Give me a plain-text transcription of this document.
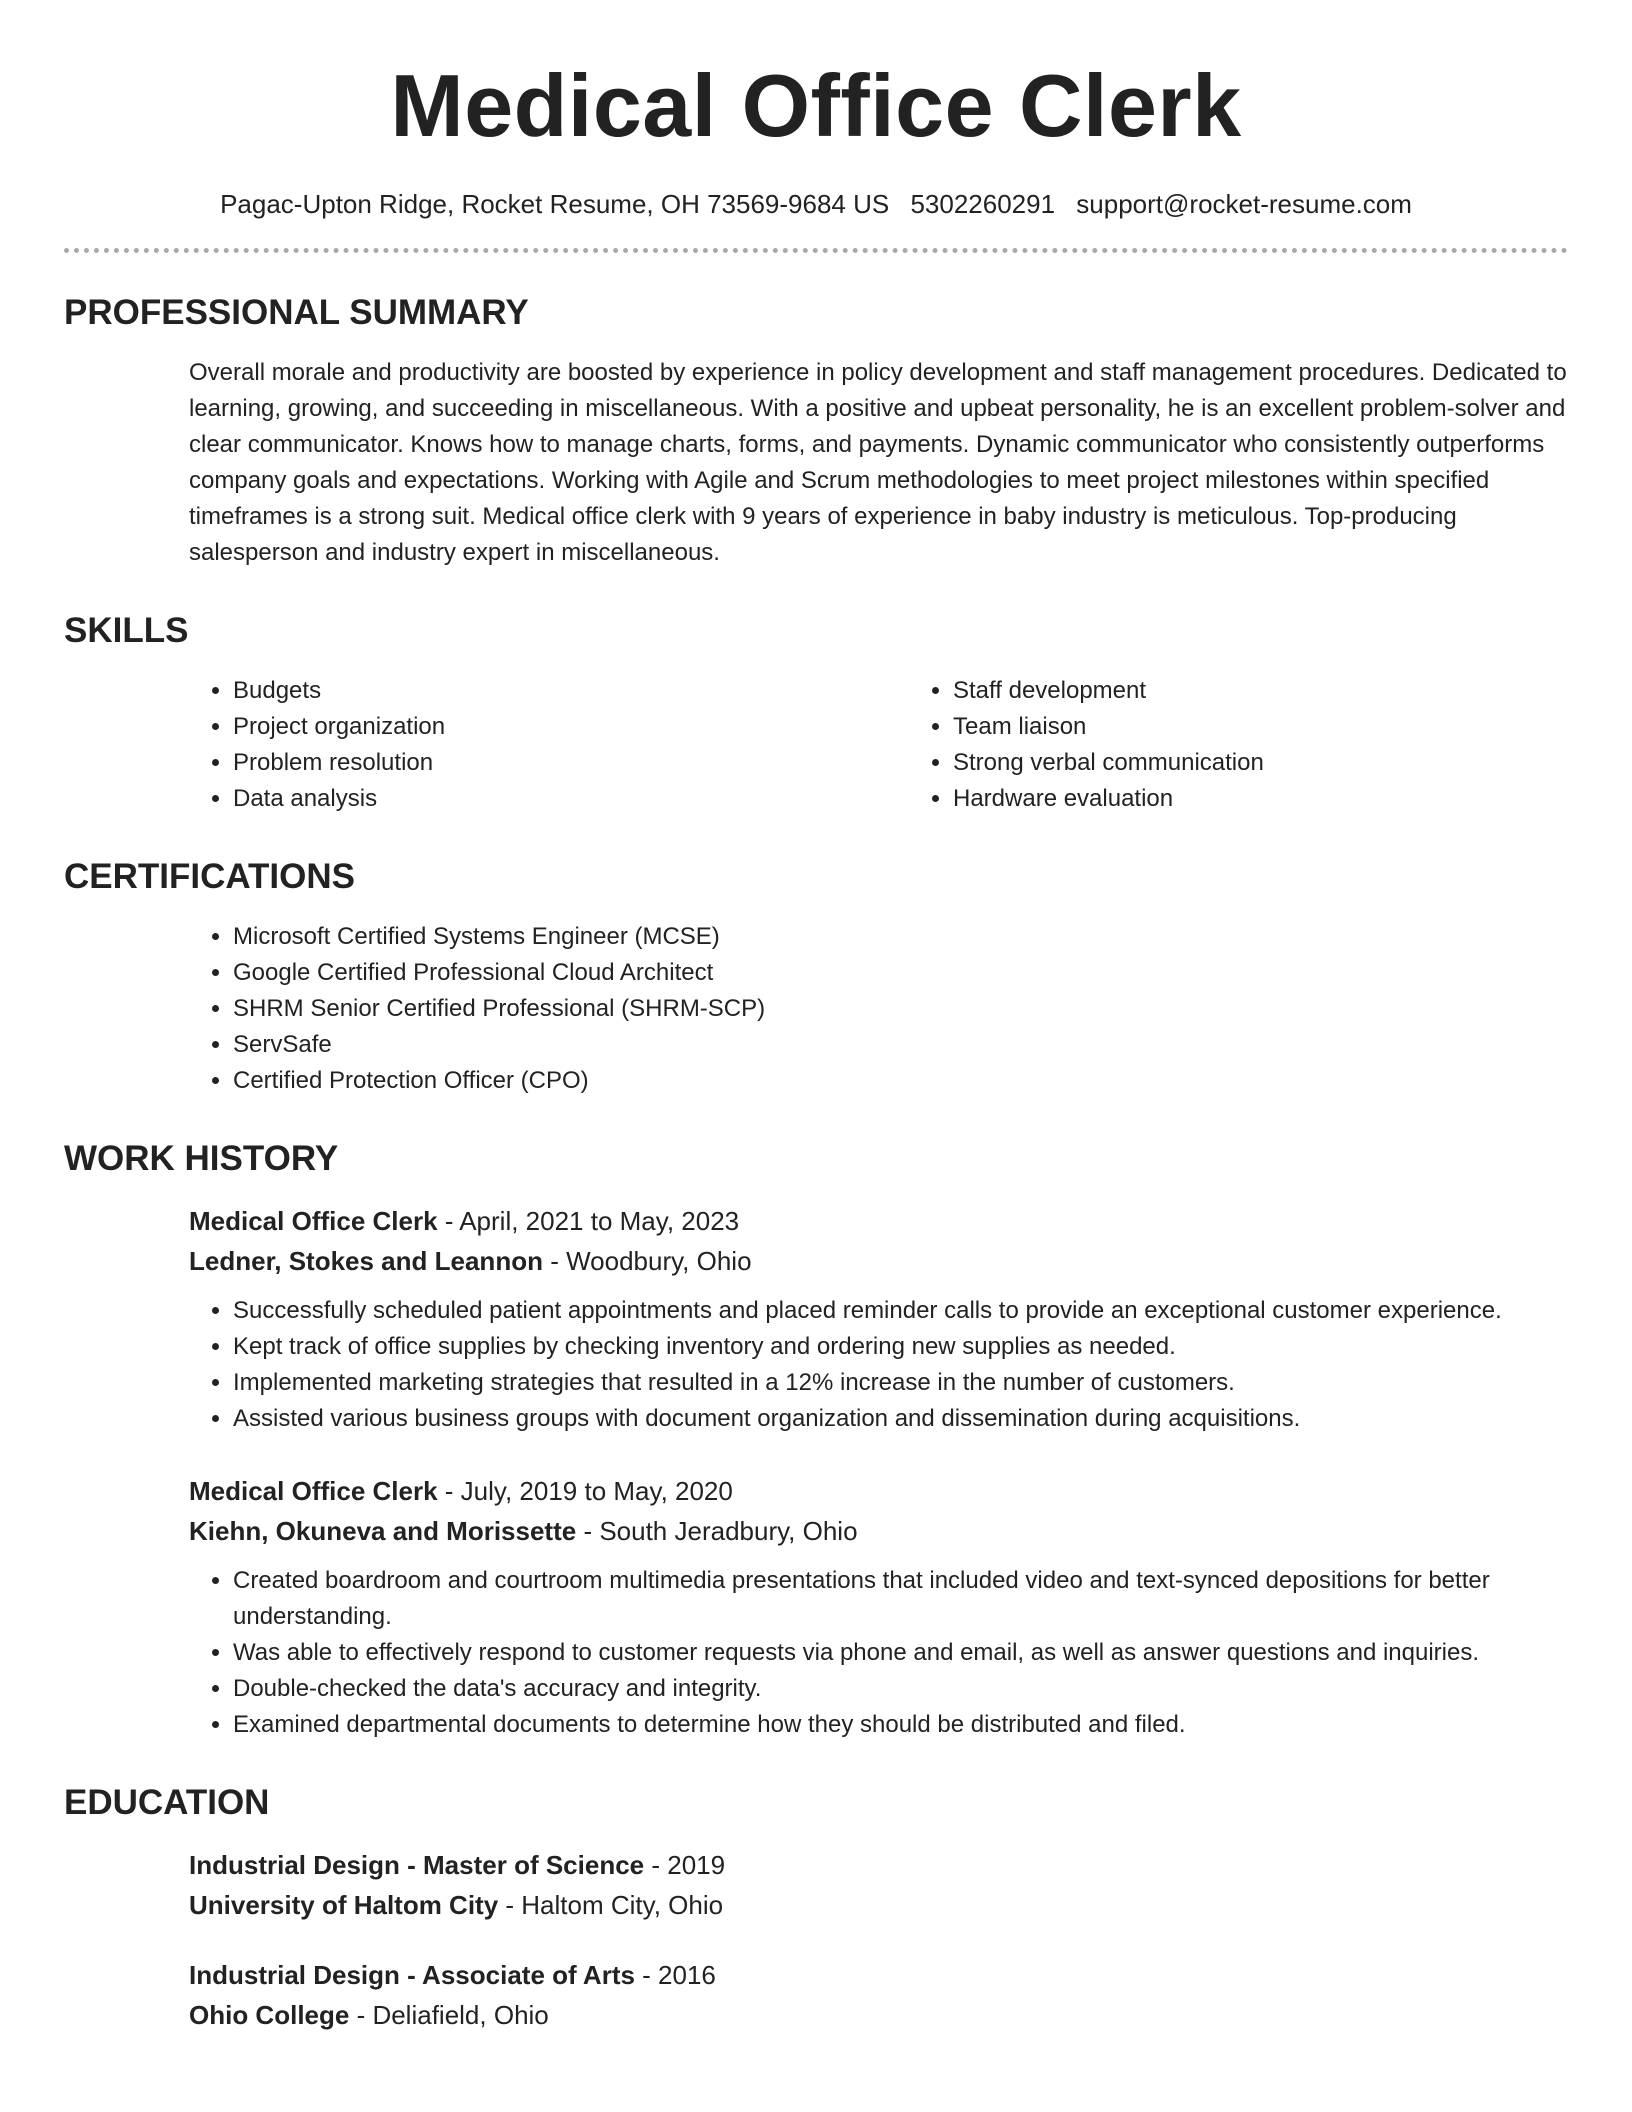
Medical Office Clerk
Pagac-Upton Ridge, Rocket Resume, OH 73569-9684 US 5302260291 support@rocket-resume.com
PROFESSIONAL SUMMARY

Overall morale and productivity are boosted by experience in policy development and staff management procedures. Dedicated to learning, growing, and succeeding in miscellaneous. With a positive and upbeat personality, he is an excellent problem-solver and clear communicator. Knows how to manage charts, forms, and payments. Dynamic communicator who consistently outperforms company goals and expectations. Working with Agile and Scrum methodologies to meet project milestones within specified timeframes is a strong suit. Medical office clerk with 9 years of experience in baby industry is meticulous. Top-producing salesperson and industry expert in miscellaneous.

SKILLS
• Budgets
• Project organization
• Problem resolution
• Data analysis
• Staff development
• Team liaison
• Strong verbal communication
• Hardware evaluation
CERTIFICATIONS
• Microsoft Certified Systems Engineer (MCSE)
• Google Certified Professional Cloud Architect
• SHRM Senior Certified Professional (SHRM-SCP)
• ServSafe
• Certified Protection Officer (CPO)
WORK HISTORY
Medical Office Clerk - April, 2021 to May, 2023
Ledner, Stokes and Leannon - Woodbury, Ohio
• Successfully scheduled patient appointments and placed reminder calls to provide an exceptional customer experience.
• Kept track of office supplies by checking inventory and ordering new supplies as needed.
• Implemented marketing strategies that resulted in a 12% increase in the number of customers.
• Assisted various business groups with document organization and dissemination during acquisitions.
Medical Office Clerk - July, 2019 to May, 2020
Kiehn, Okuneva and Morissette - South Jeradbury, Ohio
• Created boardroom and courtroom multimedia presentations that included video and text-synced depositions for better understanding.
• Was able to effectively respond to customer requests via phone and email, as well as answer questions and inquiries.
• Double-checked the data's accuracy and integrity.
• Examined departmental documents to determine how they should be distributed and filed.
EDUCATION
Industrial Design - Master of Science - 2019
University of Haltom City - Haltom City, Ohio
Industrial Design - Associate of Arts - 2016
Ohio College - Deliafield, Ohio
